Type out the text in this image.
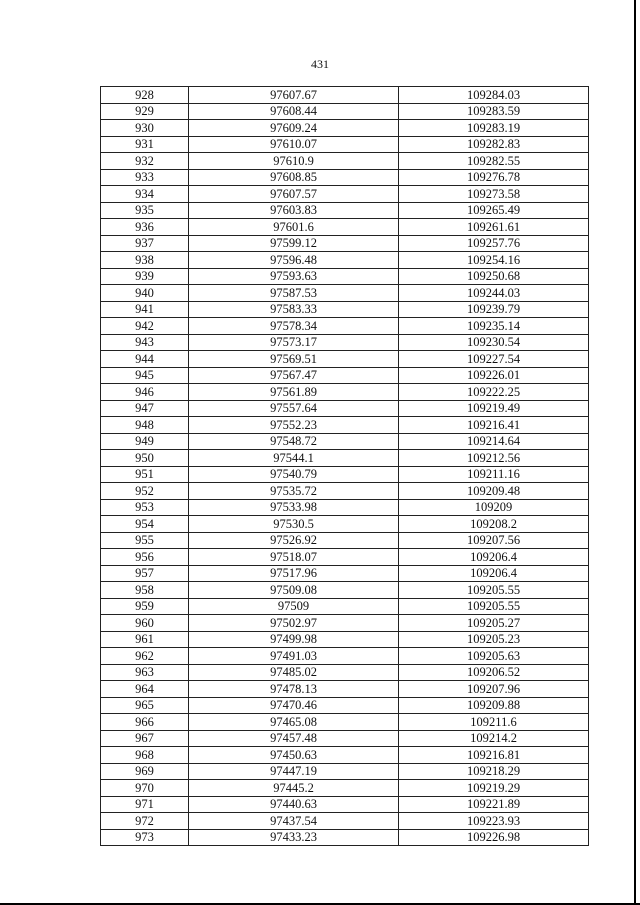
431
928	97607.67	109284.03
929	97608.44	109283.59
930	97609.24	109283.19
931	97610.07	109282.83
932	97610.9	109282.55
933	97608.85	109276.78
934	97607.57	109273.58
935	97603.83	109265.49
936	97601.6	109261.61
937	97599.12	109257.76
938	97596.48	109254.16
939	97593.63	109250.68
940	97587.53	109244.03
941	97583.33	109239.79
942	97578.34	109235.14
943	97573.17	109230.54
944	97569.51	109227.54
945	97567.47	109226.01
946	97561.89	109222.25
947	97557.64	109219.49
948	97552.23	109216.41
949	97548.72	109214.64
950	97544.1	109212.56
951	97540.79	109211.16
952	97535.72	109209.48
953	97533.98	109209
954	97530.5	109208.2
955	97526.92	109207.56
956	97518.07	109206.4
957	97517.96	109206.4
958	97509.08	109205.55
959	97509	109205.55
960	97502.97	109205.27
961	97499.98	109205.23
962	97491.03	109205.63
963	97485.02	109206.52
964	97478.13	109207.96
965	97470.46	109209.88
966	97465.08	109211.6
967	97457.48	109214.2
968	97450.63	109216.81
969	97447.19	109218.29
970	97445.2	109219.29
971	97440.63	109221.89
972	97437.54	109223.93
973	97433.23	109226.98
